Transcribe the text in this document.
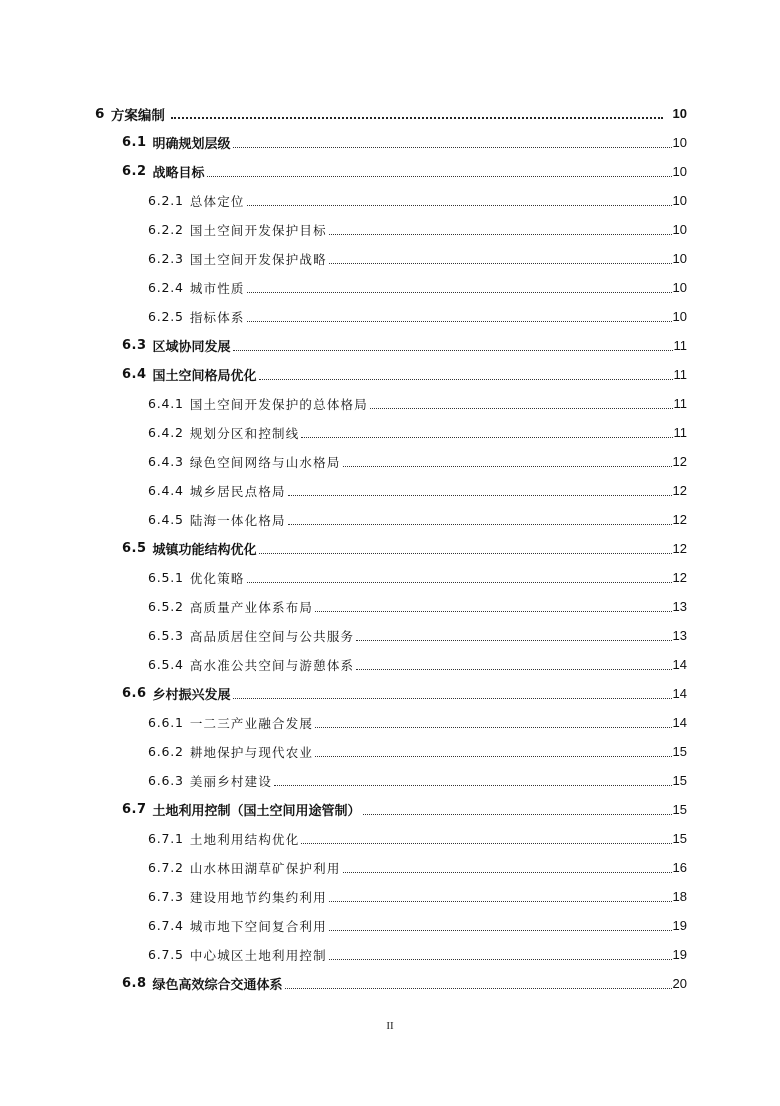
6 方案编制	10
6.1 明确规划层级	10
6.2 战略目标	10
6.2.1 总体定位	10
6.2.2 国土空间开发保护目标	10
6.2.3 国土空间开发保护战略	10
6.2.4 城市性质	10
6.2.5 指标体系	10
6.3 区域协同发展	11
6.4 国土空间格局优化	11
6.4.1 国土空间开发保护的总体格局	11
6.4.2 规划分区和控制线	11
6.4.3 绿色空间网络与山水格局	12
6.4.4 城乡居民点格局	12
6.4.5 陆海一体化格局	12
6.5 城镇功能结构优化	12
6.5.1 优化策略	12
6.5.2 高质量产业体系布局	13
6.5.3 高品质居住空间与公共服务	13
6.5.4 高水准公共空间与游憩体系	14
6.6 乡村振兴发展	14
6.6.1 一二三产业融合发展	14
6.6.2 耕地保护与现代农业	15
6.6.3 美丽乡村建设	15
6.7 土地利用控制（国土空间用途管制）	15
6.7.1 土地利用结构优化	15
6.7.2 山水林田湖草矿保护利用	16
6.7.3 建设用地节约集约利用	18
6.7.4 城市地下空间复合利用	19
6.7.5 中心城区土地利用控制	19
6.8 绿色高效综合交通体系	20
II
